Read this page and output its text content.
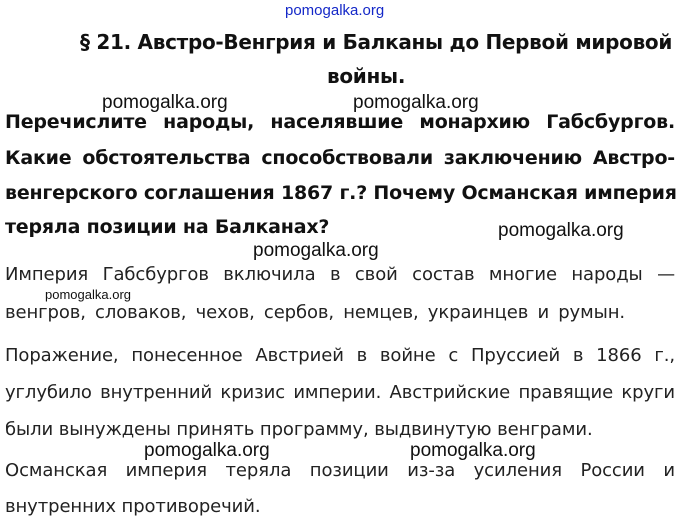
pomogalka.org
§ 21. Австро-Венгрия и Балканы до Первой мировой
войны.
pomogalka.org	pomogalka.org
Перечислите народы, населявшие монархию Габсбургов.
Какие обстоятельства способствовали заключению Австро-
венгерского соглашения 1867 г.? Почему Османская империя
теряла позиции на Балканах?	pomogalka.org
pomogalka.org
Империя Габсбургов включила в свой состав многие народы —
pomogalka.org
венгров, словаков, чехов, сербов, немцев, украинцев и румын.
Поражение, понесенное Австрией в войне с Пруссией в 1866 г.,
углубило внутренний кризис империи. Австрийские правящие круги
были вынуждены принять программу, выдвинутую венграми.
pomogalka.org	pomogalka.org
Османская империя теряла позиции из-за усиления России и
внутренних противоречий.
